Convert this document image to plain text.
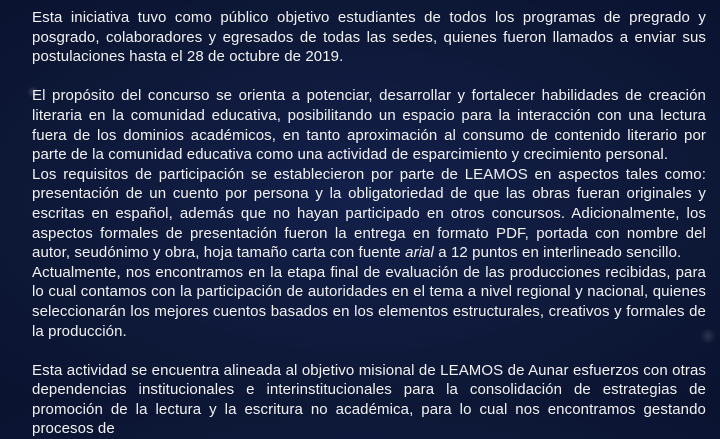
Esta iniciativa tuvo como público objetivo estudiantes de todos los programas de pregrado y posgrado, colaboradores y egresados de todas las sedes, quienes fueron llamados a enviar sus postulaciones hasta el 28 de octubre de 2019.

El propósito del concurso se orienta a potenciar, desarrollar y fortalecer habilidades de creación literaria en la comunidad educativa, posibilitando un espacio para la interacción con una lectura fuera de los dominios académicos, en tanto aproximación al consumo de contenido literario por parte de la comunidad educativa como una actividad de esparcimiento y crecimiento personal.

Los requisitos de participación se establecieron por parte de LEAMOS en aspectos tales como: presentación de un cuento por persona y la obligatoriedad de que las obras fueran originales y escritas en español, además que no hayan participado en otros concursos. Adicionalmente, los aspectos formales de presentación fueron la entrega en formato PDF, portada con nombre del autor, seudónimo y obra, hoja tamaño carta con fuente arial a 12 puntos en interlineado sencillo.

Actualmente, nos encontramos en la etapa final de evaluación de las producciones recibidas, para lo cual contamos con la participación de autoridades en el tema a nivel regional y nacional, quienes seleccionarán los mejores cuentos basados en los elementos estructurales, creativos y formales de la producción.

Esta actividad se encuentra alineada al objetivo misional de LEAMOS de Aunar esfuerzos con otras dependencias institucionales e interinstitucionales para la consolidación de estrategias de promoción de la lectura y la escritura no académica, para lo cual nos encontramos gestando procesos de
